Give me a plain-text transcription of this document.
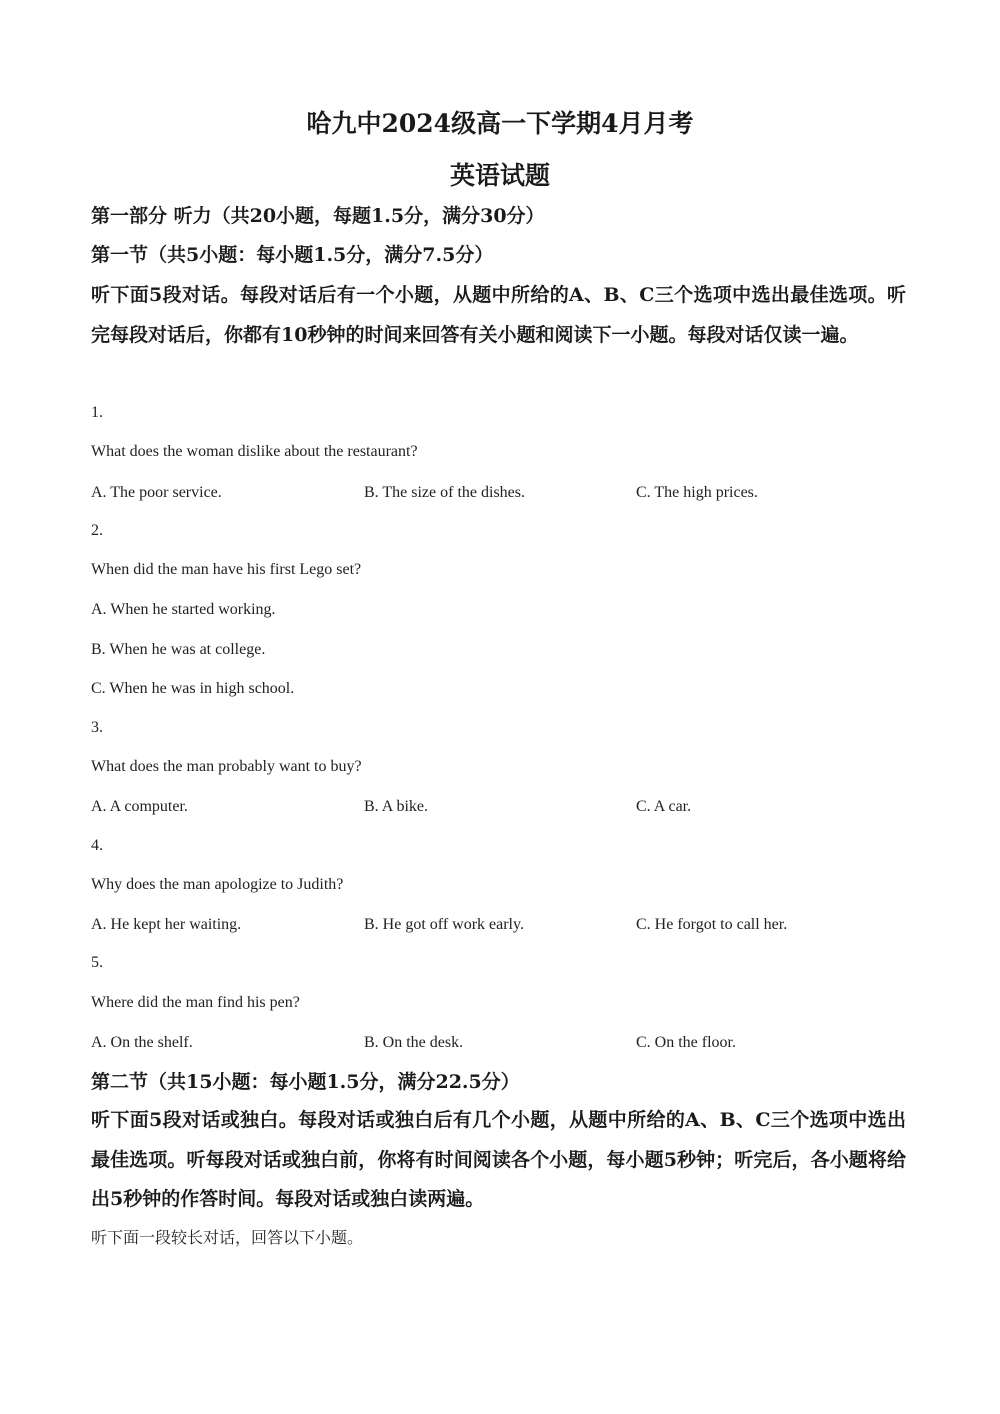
哈九中2024级高一下学期4月月考
英语试题
第一部分 听力（共20小题，每题1.5分，满分30分）
第一节（共5小题：每小题1.5分，满分7.5分）
听下面5段对话。每段对话后有一个小题，从题中所给的A、B、C三个选项中选出最佳选项。听完每段对话后，你都有10秒钟的时间来回答有关小题和阅读下一小题。每段对话仅读一遍。
1.
What does the woman dislike about the restaurant?
A. The poor service.	B. The size of the dishes.	C. The high prices.
2.
When did the man have his first Lego set?
A. When he started working.
B. When he was at college.
C. When he was in high school.
3.
What does the man probably want to buy?
A. A computer.	B. A bike.	C. A car.
4.
Why does the man apologize to Judith?
A. He kept her waiting.	B. He got off work early.	C. He forgot to call her.
5.
Where did the man find his pen?
A. On the shelf.	B. On the desk.	C. On the floor.
第二节（共15小题：每小题1.5分，满分22.5分）
听下面5段对话或独白。每段对话或独白后有几个小题，从题中所给的A、B、C三个选项中选出最佳选项。听每段对话或独白前，你将有时间阅读各个小题，每小题5秒钟；听完后，各小题将给出5秒钟的作答时间。每段对话或独白读两遍。
听下面一段较长对话，回答以下小题。
